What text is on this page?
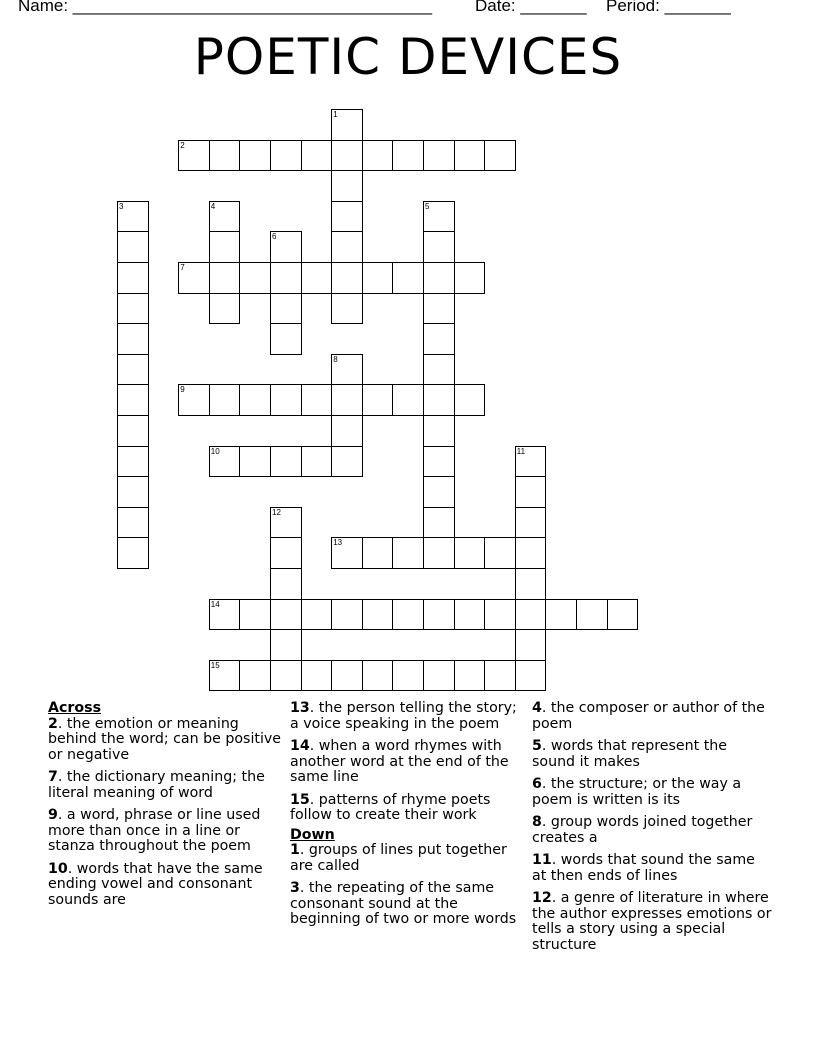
Name: ______________________________________	Date: _______ Period: _______
POETIC DEVICES
1
2
3	4	5
6
7
8
9
10	11
12
13
14
15
Across
2. the emotion or meaning behind the word; can be positive or negative
7. the dictionary meaning; the literal meaning of word
9. a word, phrase or line used more than once in a line or stanza throughout the poem
10. words that have the same ending vowel and consonant sounds are
13. the person telling the story; a voice speaking in the poem
14. when a word rhymes with another word at the end of the same line
15. patterns of rhyme poets follow to create their work
Down
1. groups of lines put together are called
3. the repeating of the same consonant sound at the beginning of two or more words
4. the composer or author of the poem
5. words that represent the sound it makes
6. the structure; or the way a poem is written is its
8. group words joined together creates a
11. words that sound the same at then ends of lines
12. a genre of literature in where the author expresses emotions or tells a story using a special structure
